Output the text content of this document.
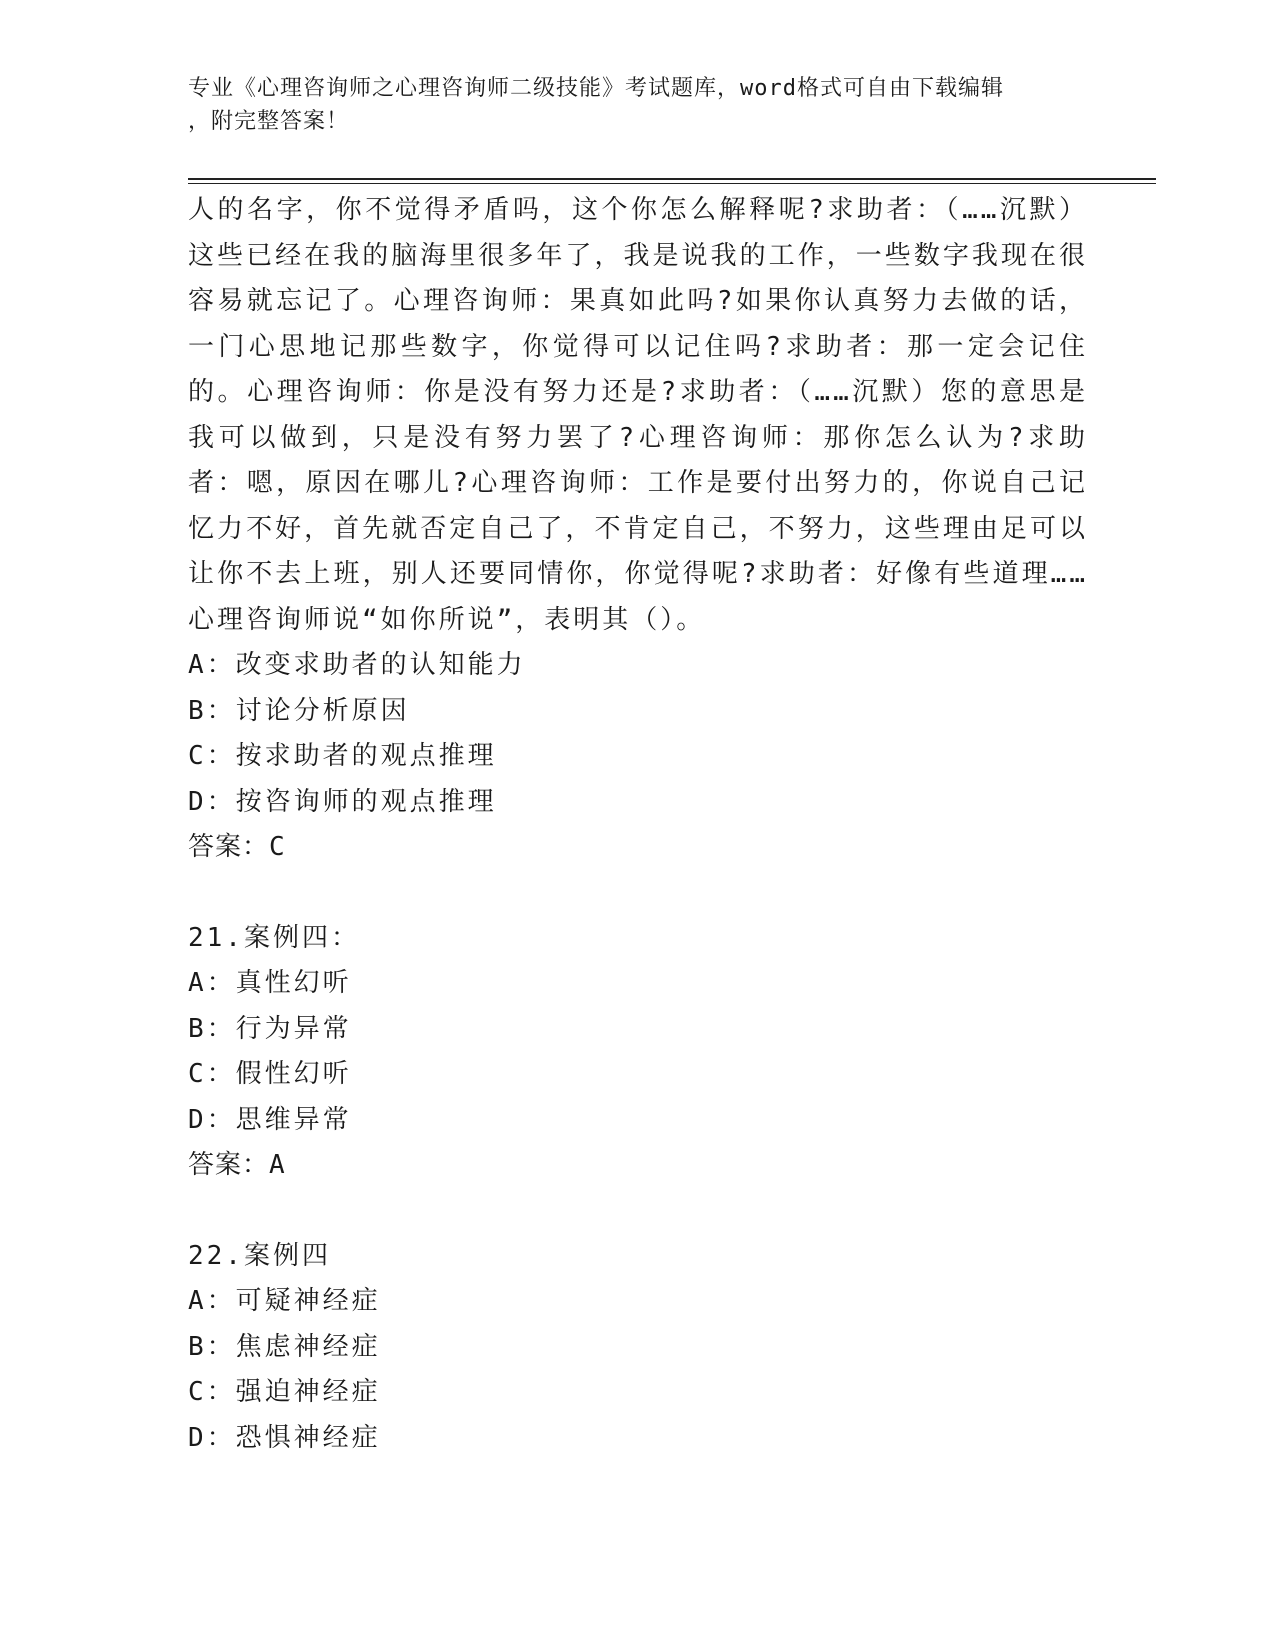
专业《心理咨询师之心理咨询师二级技能》考试题库，word格式可自由下载编辑
，附完整答案！

人的名字，你不觉得矛盾吗，这个你怎么解释呢?求助者：（……沉默）这些已经在我的脑海里很多年了，我是说我的工作，一些数字我现在很容易就忘记了。心理咨询师：果真如此吗?如果你认真努力去做的话，一门心思地记那些数字，你觉得可以记住吗?求助者：那一定会记住的。心理咨询师：你是没有努力还是?求助者：（……沉默）您的意思是我可以做到，只是没有努力罢了?心理咨询师：那你怎么认为?求助者：嗯，原因在哪儿?心理咨询师：工作是要付出努力的，你说自己记忆力不好，首先就否定自己了，不肯定自己，不努力，这些理由足可以让你不去上班，别人还要同情你，你觉得呢?求助者：好像有些道理……心理咨询师说“如你所说”，表明其（）。

A：改变求助者的认知能力
B：讨论分析原因
C：按求助者的观点推理
D：按咨询师的观点推理
答案：C
21.案例四：
A：真性幻听
B：行为异常
C：假性幻听
D：思维异常
答案：A
22.案例四
A：可疑神经症
B：焦虑神经症
C：强迫神经症
D：恐惧神经症
